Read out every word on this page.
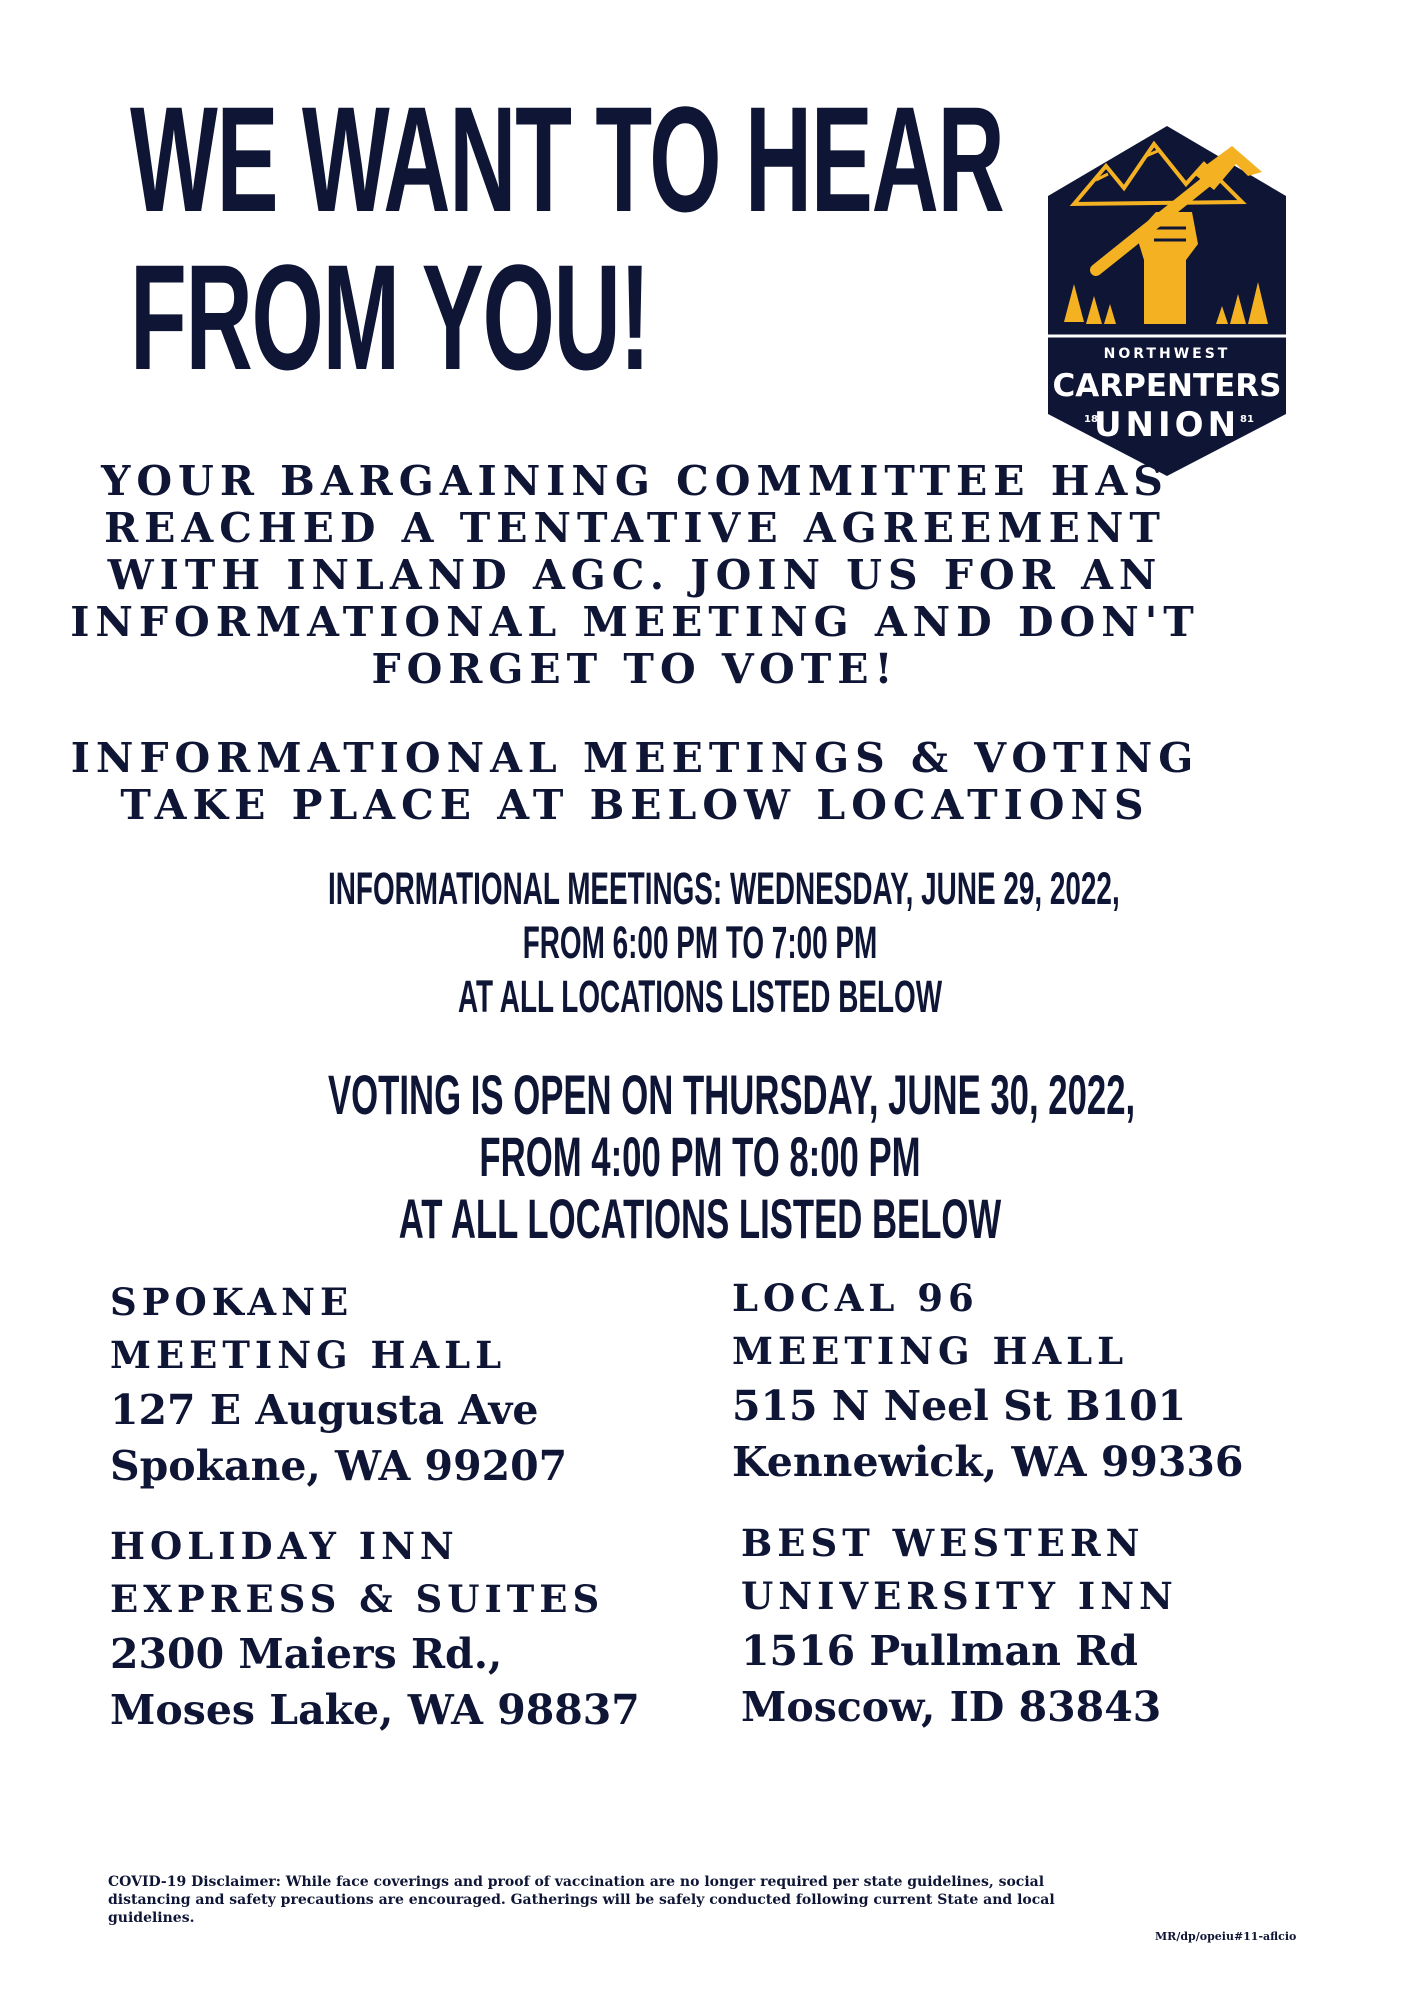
WE WANT TO HEAR
FROM YOU!	NORTHWEST
CARPENTERS
UNION
18	81
YOUR BARGAINING COMMITTEE HAS
REACHED A TENTATIVE AGREEMENT
WITH INLAND AGC. JOIN US FOR AN
INFORMATIONAL MEETING AND DON'T
FORGET TO VOTE!
INFORMATIONAL MEETINGS & VOTING
TAKE PLACE AT BELOW LOCATIONS
INFORMATIONAL MEETINGS: WEDNESDAY, JUNE 29, 2022,
FROM 6:00 PM TO 7:00 PM
AT ALL LOCATIONS LISTED BELOW
VOTING IS OPEN ON THURSDAY, JUNE 30, 2022,
FROM 4:00 PM TO 8:00 PM
AT ALL LOCATIONS LISTED BELOW
SPOKANE
MEETING HALL
127 E Augusta Ave
Spokane, WA 99207
LOCAL 96
MEETING HALL
515 N Neel St B101
Kennewick, WA 99336
HOLIDAY INN
EXPRESS & SUITES
2300 Maiers Rd.,
Moses Lake, WA 98837
BEST WESTERN
UNIVERSITY INN
1516 Pullman Rd
Moscow, ID 83843
COVID-19 Disclaimer: While face coverings and proof of vaccination are no longer required per state guidelines, social distancing and safety precautions are encouraged. Gatherings will be safely conducted following current State and local guidelines.
MR/dp/opeiu#11-aflcio
